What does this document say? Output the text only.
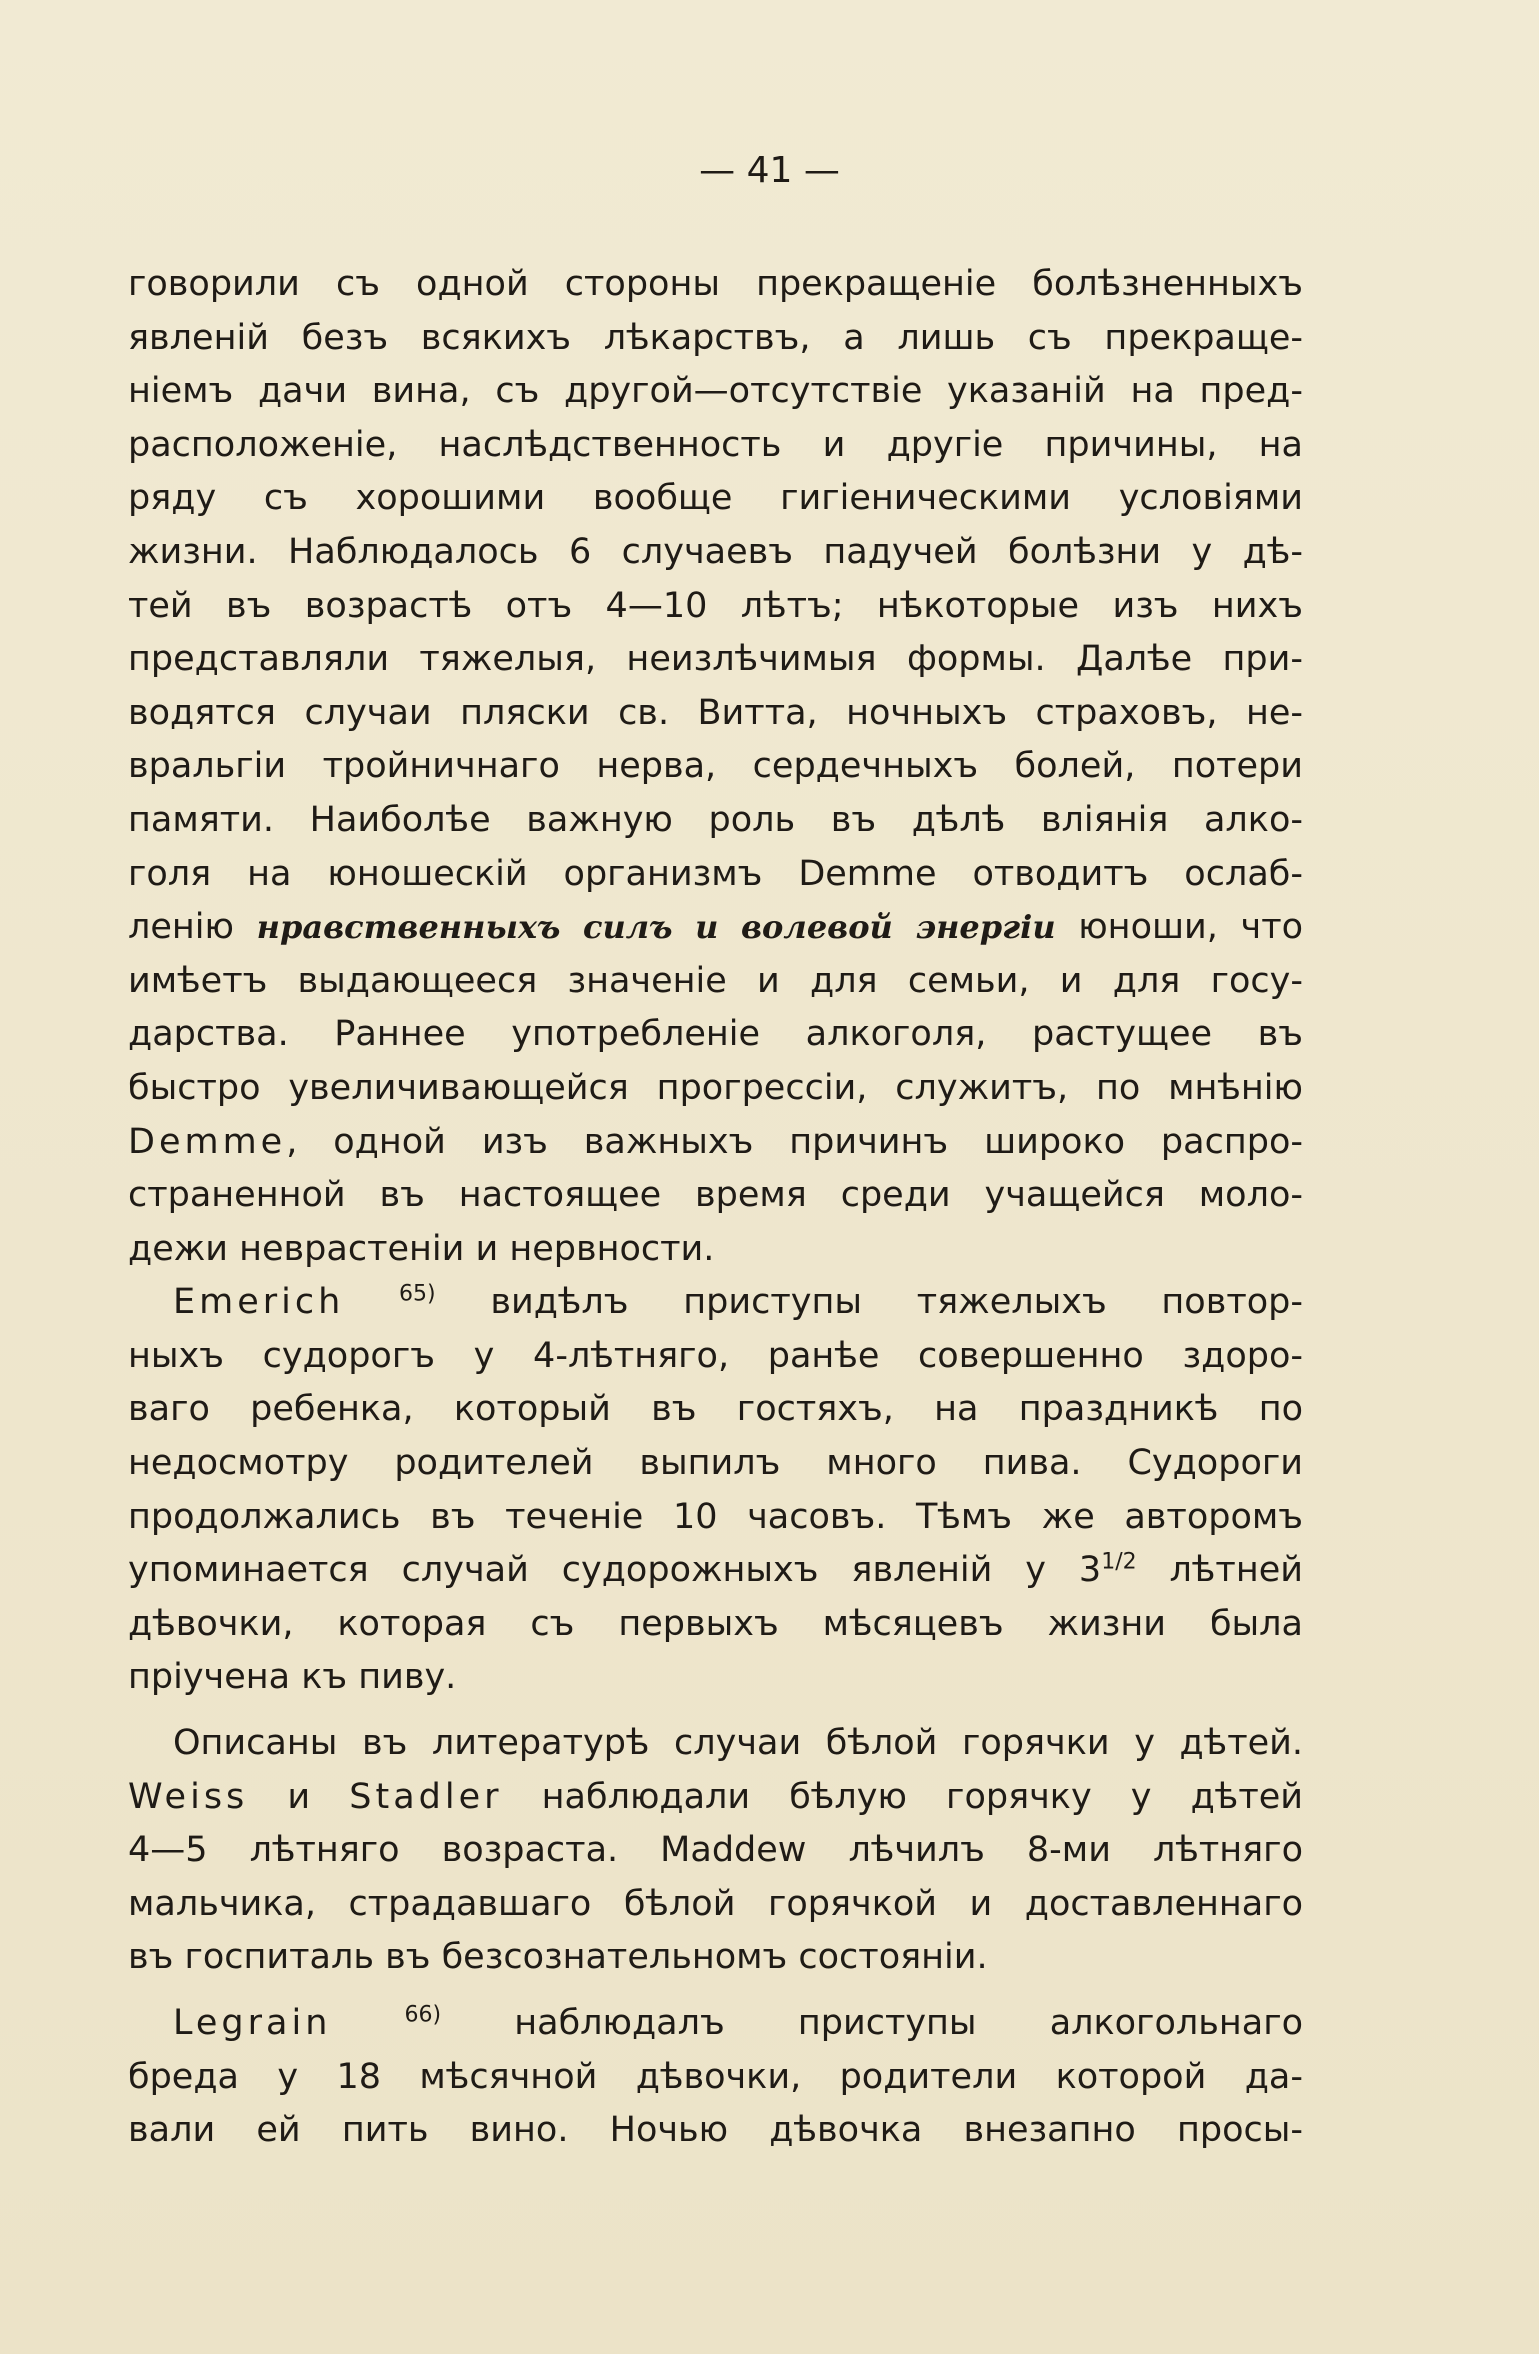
— 41 —
говорили съ одной стороны прекращеніе болѣзненныхъ
явленій безъ всякихъ лѣкарствъ, а лишь съ прекраще-
ніемъ дачи вина, съ другой—отсутствіе указаній на пред-
расположеніе, наслѣдственность и другіе причины, на
ряду съ хорошими вообще гигіеническими условіями
жизни. Наблюдалось 6 случаевъ падучей болѣзни у дѣ-
тей въ возрастѣ отъ 4—10 лѣтъ; нѣкоторые изъ нихъ
представляли тяжелыя, неизлѣчимыя формы. Далѣе при-
водятся случаи пляски св. Витта, ночныхъ страховъ, не-
вральгіи тройничнаго нерва, сердечныхъ болей, потери
памяти. Наиболѣе важную роль въ дѣлѣ вліянія алко-
голя на юношескій организмъ Demme отводитъ ослаб-
ленію нравственныхъ силъ и волевой энергіи юноши, что
имѣетъ выдающееся значеніе и для семьи, и для госу-
дарства. Раннее употребленіе алкоголя, растущее въ
быстро увеличивающейся прогрессіи, служитъ, по мнѣнію
Demme, одной изъ важныхъ причинъ широко распро-
страненной въ настоящее время среди учащейся моло-
дежи неврастеніи и нервности.
Emerich $^{65)}$ видѣлъ приступы тяжелыхъ повтор-
ныхъ судорогъ у 4-лѣтняго, ранѣе совершенно здоро-
ваго ребенка, который въ гостяхъ, на праздникѣ по
недосмотру родителей выпилъ много пива. Судороги
продолжались въ теченіе 10 часовъ. Тѣмъ же авторомъ
упоминается случай судорожныхъ явленій у $3^{1/2}$ лѣтней
дѣвочки, которая съ первыхъ мѣсяцевъ жизни была
пріучена къ пиву.
Описаны въ литературѣ случаи бѣлой горячки у дѣтей.
Weiss и Stadler наблюдали бѣлую горячку у дѣтей
4—5 лѣтняго возраста. Maddew лѣчилъ 8-ми лѣтняго
мальчика, страдавшаго бѣлой горячкой и доставленнаго
въ госпиталь въ безсознательномъ состояніи.
Legrain	$^{66)}$ наблюдалъ приступы алкогольнаго
бреда у 18 мѣсячной дѣвочки, родители которой да-
вали ей пить вино. Ночью дѣвочка внезапно просы-
